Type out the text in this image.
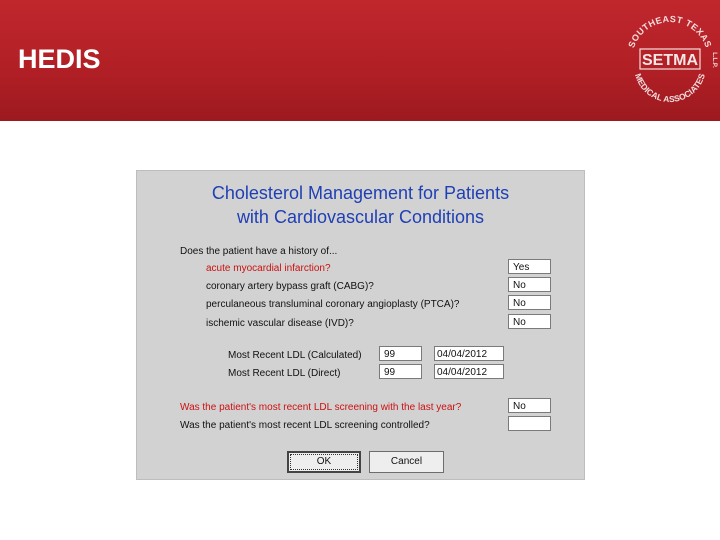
HEDIS	SOUTHEAST TEXAS
MEDICAL ASSOCIATES
SETMA L.L.P.
Cholesterol Management for Patients
with Cardiovascular Conditions
Does the patient have a history of...
acute myocardial infarction?	Yes
coronary artery bypass graft (CABG)?	No
perculaneous transluminal coronary angioplasty (PTCA)?	No
ischemic vascular disease (IVD)?	No
Most Recent LDL (Calculated)	99	04/04/2012
Most Recent LDL (Direct)	99	04/04/2012
Was the patient's most recent LDL screening with the last year?	No
Was the patient's most recent LDL screening controlled?
OK	Cancel
